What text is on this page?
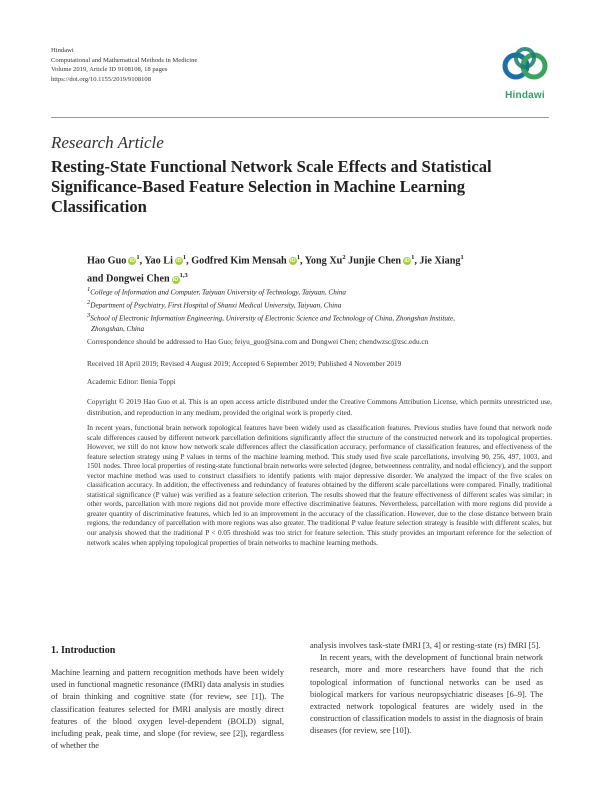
Hindawi
Computational and Mathematical Methods in Medicine
Volume 2019, Article ID 9108108, 18 pages
https://doi.org/10.1155/2019/9108108
Hindawi
Research Article
Resting-State Functional Network Scale Effects and Statistical Significance-Based Feature Selection in Machine Learning Classification
Hao Guo $iD^1$, Yao Li $iD^1$, Godfred Kim Mensah $iD^1$, Yong Xu$^2$ Junjie Chen $iD^1$, Jie Xiang$^1$
and Dongwei Chen iD$^{1,3}$
$^1$College of Information and Computer, Taiyuan University of Technology, Taiyuan, China
$^2$Department of Psychiatry, First Hospital of Shanxi Medical University, Taiyuan, China
$^3$School of Electronic Information Engineering, University of Electronic Science and Technology of China, Zhongshan Institute,
Zhongshan, China
Correspondence should be addressed to Hao Guo; feiyu_guo@sina.com and Dongwei Chen; chendwzsc@zsc.edu.cn
Received 18 April 2019; Revised 4 August 2019; Accepted 6 September 2019; Published 4 November 2019
Academic Editor: Ilenia Toppi
Copyright © 2019 Hao Guo et al. This is an open access article distributed under the Creative Commons Attribution License, which permits unrestricted use, distribution, and reproduction in any medium, provided the original work is properly cited.
In recent years, functional brain network topological features have been widely used as classification features. Previous studies have found that network node scale differences caused by different network parcellation definitions significantly affect the structure of the constructed network and its topological properties. However, we still do not know how network scale differences affect the classification accuracy, performance of classification features, and effectiveness of the feature selection strategy using P values in terms of the machine learning method. This study used five scale parcellations, involving 90, 256, 497, 1003, and 1501 nodes. Three local properties of resting-state functional brain networks were selected (degree, betweenness centrality, and nodal efficiency), and the support vector machine method was used to construct classifiers to identify patients with major depressive disorder. We analyzed the impact of the five scales on classification accuracy. In addition, the effectiveness and redundancy of features obtained by the different scale parcellations were compared. Finally, traditional statistical significance (P value) was verified as a feature selection criterion. The results showed that the feature effectiveness of different scales was similar; in other words, parcellation with more regions did not provide more effective discriminative features. Nevertheless, parcellation with more regions did provide a greater quantity of discriminative features, which led to an improvement in the accuracy of the classification. However, due to the close distance between brain regions, the redundancy of parcellation with more regions was also greater. The traditional P value feature selection strategy is feasible with different scales, but our analysis showed that the traditional P < 0.05 threshold was too strict for feature selection. This study provides an important reference for the selection of network scales when applying topological properties of brain networks to machine learning methods.
1. Introduction

Machine learning and pattern recognition methods have been widely used in functional magnetic resonance (fMRI) data analysis in studies of brain thinking and cognitive state (for review, see [1]). The classification features selected for fMRI analysis are mostly direct features of the blood oxygen level-dependent (BOLD) signal, including peak, peak time, and slope (for review, see [2]), regardless of whether the

analysis involves task-state fMRI [3, 4] or resting-state (rs) fMRI [5].

In recent years, with the development of functional brain network research, more and more researchers have found that the rich topological information of functional networks can be used as biological markers for various neuropsychiatric diseases [6–9]. The extracted network topological features are widely used in the construction of classification models to assist in the diagnosis of brain diseases (for review, see [10]).
